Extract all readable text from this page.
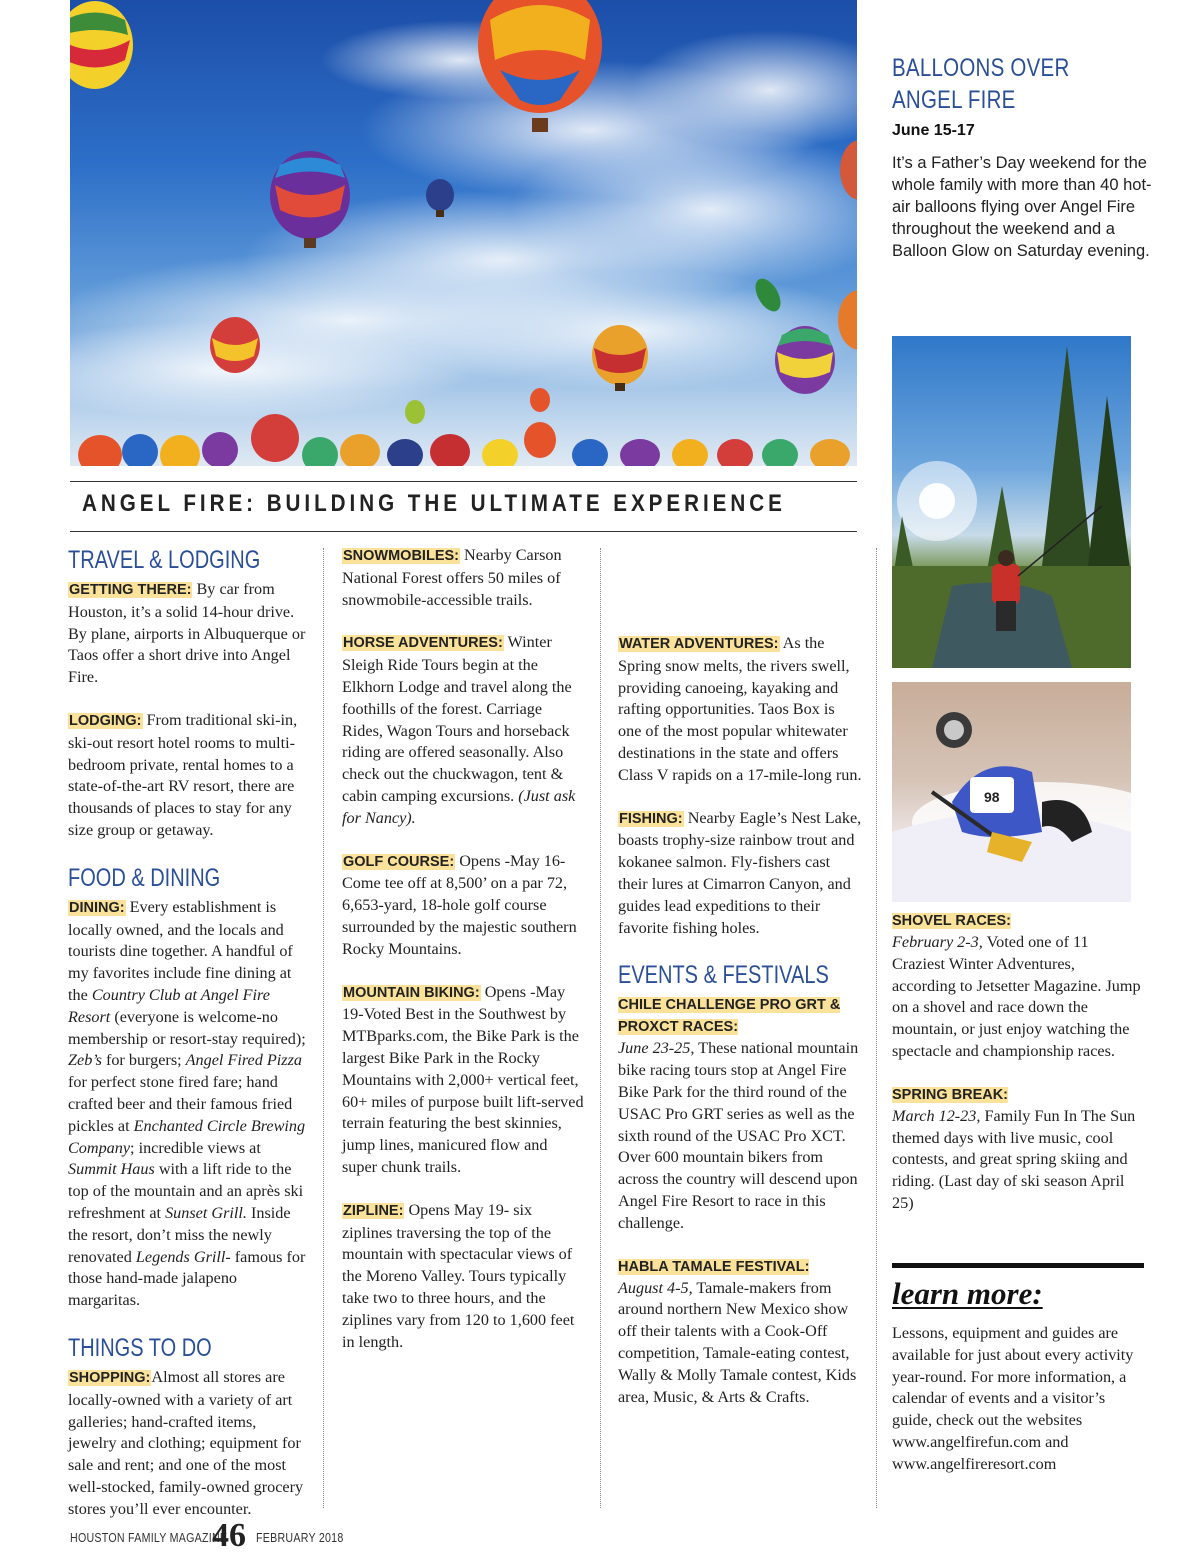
BALLOONS OVER
ANGEL FIRE
June 15-17
It’s a Father’s Day weekend for the whole family with more than 40 hot-air balloons flying over Angel Fire throughout the weekend and a Balloon Glow on Saturday evening.
98
ANGEL FIRE: BUILDING THE ULTIMATE EXPERIENCE
TRAVEL & LODGING

GETTING THERE: By car from Houston, it’s a solid 14-hour drive. By plane, airports in Albuquerque or Taos offer a short drive into Angel Fire.

LODGING: From traditional ski-in, ski-out resort hotel rooms to multi-bedroom private, rental homes to a state-of-the-art RV resort, there are thousands of places to stay for any size group or getaway.

FOOD & DINING

DINING: Every establishment is locally owned, and the locals and tourists dine together. A handful of my favorites include fine dining at the Country Club at Angel Fire Resort (everyone is welcome-no membership or resort-stay required); Zeb’s for burgers; Angel Fired Pizza for perfect stone fired fare; hand crafted beer and their famous fried pickles at Enchanted Circle Brewing Company; incredible views at Summit Haus with a lift ride to the top of the mountain and an après ski refreshment at Sunset Grill. Inside the resort, don’t miss the newly renovated Legends Grill- famous for those hand-made jalapeno margaritas.

THINGS TO DO

SHOPPING:Almost all stores are locally-owned with a variety of art galleries; hand-crafted items, jewelry and clothing; equipment for sale and rent; and one of the most well-stocked, family-owned grocery stores you’ll ever encounter.

SNOWMOBILES: Nearby Carson National Forest offers 50 miles of snowmobile-accessible trails.

HORSE ADVENTURES: Winter Sleigh Ride Tours begin at the Elkhorn Lodge and travel along the foothills of the forest. Carriage Rides, Wagon Tours and horseback riding are offered seasonally. Also check out the chuckwagon, tent & cabin camping excursions. (Just ask for Nancy).

GOLF COURSE: Opens -May 16- Come tee off at 8,500’ on a par 72, 6,653-yard, 18-hole golf course surrounded by the majestic southern Rocky Mountains.

MOUNTAIN BIKING: Opens -May 19-Voted Best in the Southwest by MTBparks.com, the Bike Park is the largest Bike Park in the Rocky Mountains with 2,000+ vertical feet, 60+ miles of purpose built lift-served terrain featuring the best skinnies, jump lines, manicured flow and super chunk trails.

ZIPLINE: Opens May 19- six ziplines traversing the top of the mountain with spectacular views of the Moreno Valley. Tours typically take two to three hours, and the ziplines vary from 120 to 1,600 feet in length.

WATER ADVENTURES: As the Spring snow melts, the rivers swell, providing canoeing, kayaking and rafting opportunities. Taos Box is one of the most popular whitewater destinations in the state and offers Class V rapids on a 17-mile-long run.

FISHING: Nearby Eagle’s Nest Lake, boasts trophy-size rainbow trout and kokanee salmon. Fly-fishers cast their lures at Cimarron Canyon, and guides lead expeditions to their favorite fishing holes.

EVENTS & FESTIVALS
CHILE CHALLENGE PRO GRT &
PROXCT RACES:

June 23-25, These national mountain bike racing tours stop at Angel Fire Bike Park for the third round of the USAC Pro GRT series as well as the sixth round of the USAC Pro XCT. Over 600 mountain bikers from across the country will descend upon Angel Fire Resort to race in this challenge.

HABLA TAMALE FESTIVAL:

August 4-5, Tamale-makers from around northern New Mexico show off their talents with a Cook-Off competition, Tamale-eating contest, Wally & Molly Tamale contest, Kids area, Music, & Arts & Crafts.

SHOVEL RACES:

February 2-3, Voted one of 11 Craziest Winter Adventures, according to Jetsetter Magazine. Jump on a shovel and race down the mountain, or just enjoy watching the spectacle and championship races.

SPRING BREAK:

March 12-23, Family Fun In The Sun themed days with live music, cool contests, and great spring skiing and riding. (Last day of ski season April 25)

learn more:
Lessons, equipment and guides are available for just about every activity year-round. For more information, a calendar of events and a visitor’s guide, check out the websites www.angelfirefun.com and www.angelfireresort.com
HOUSTON FAMILY MAGAZINE
46 FEBRUARY 2018
